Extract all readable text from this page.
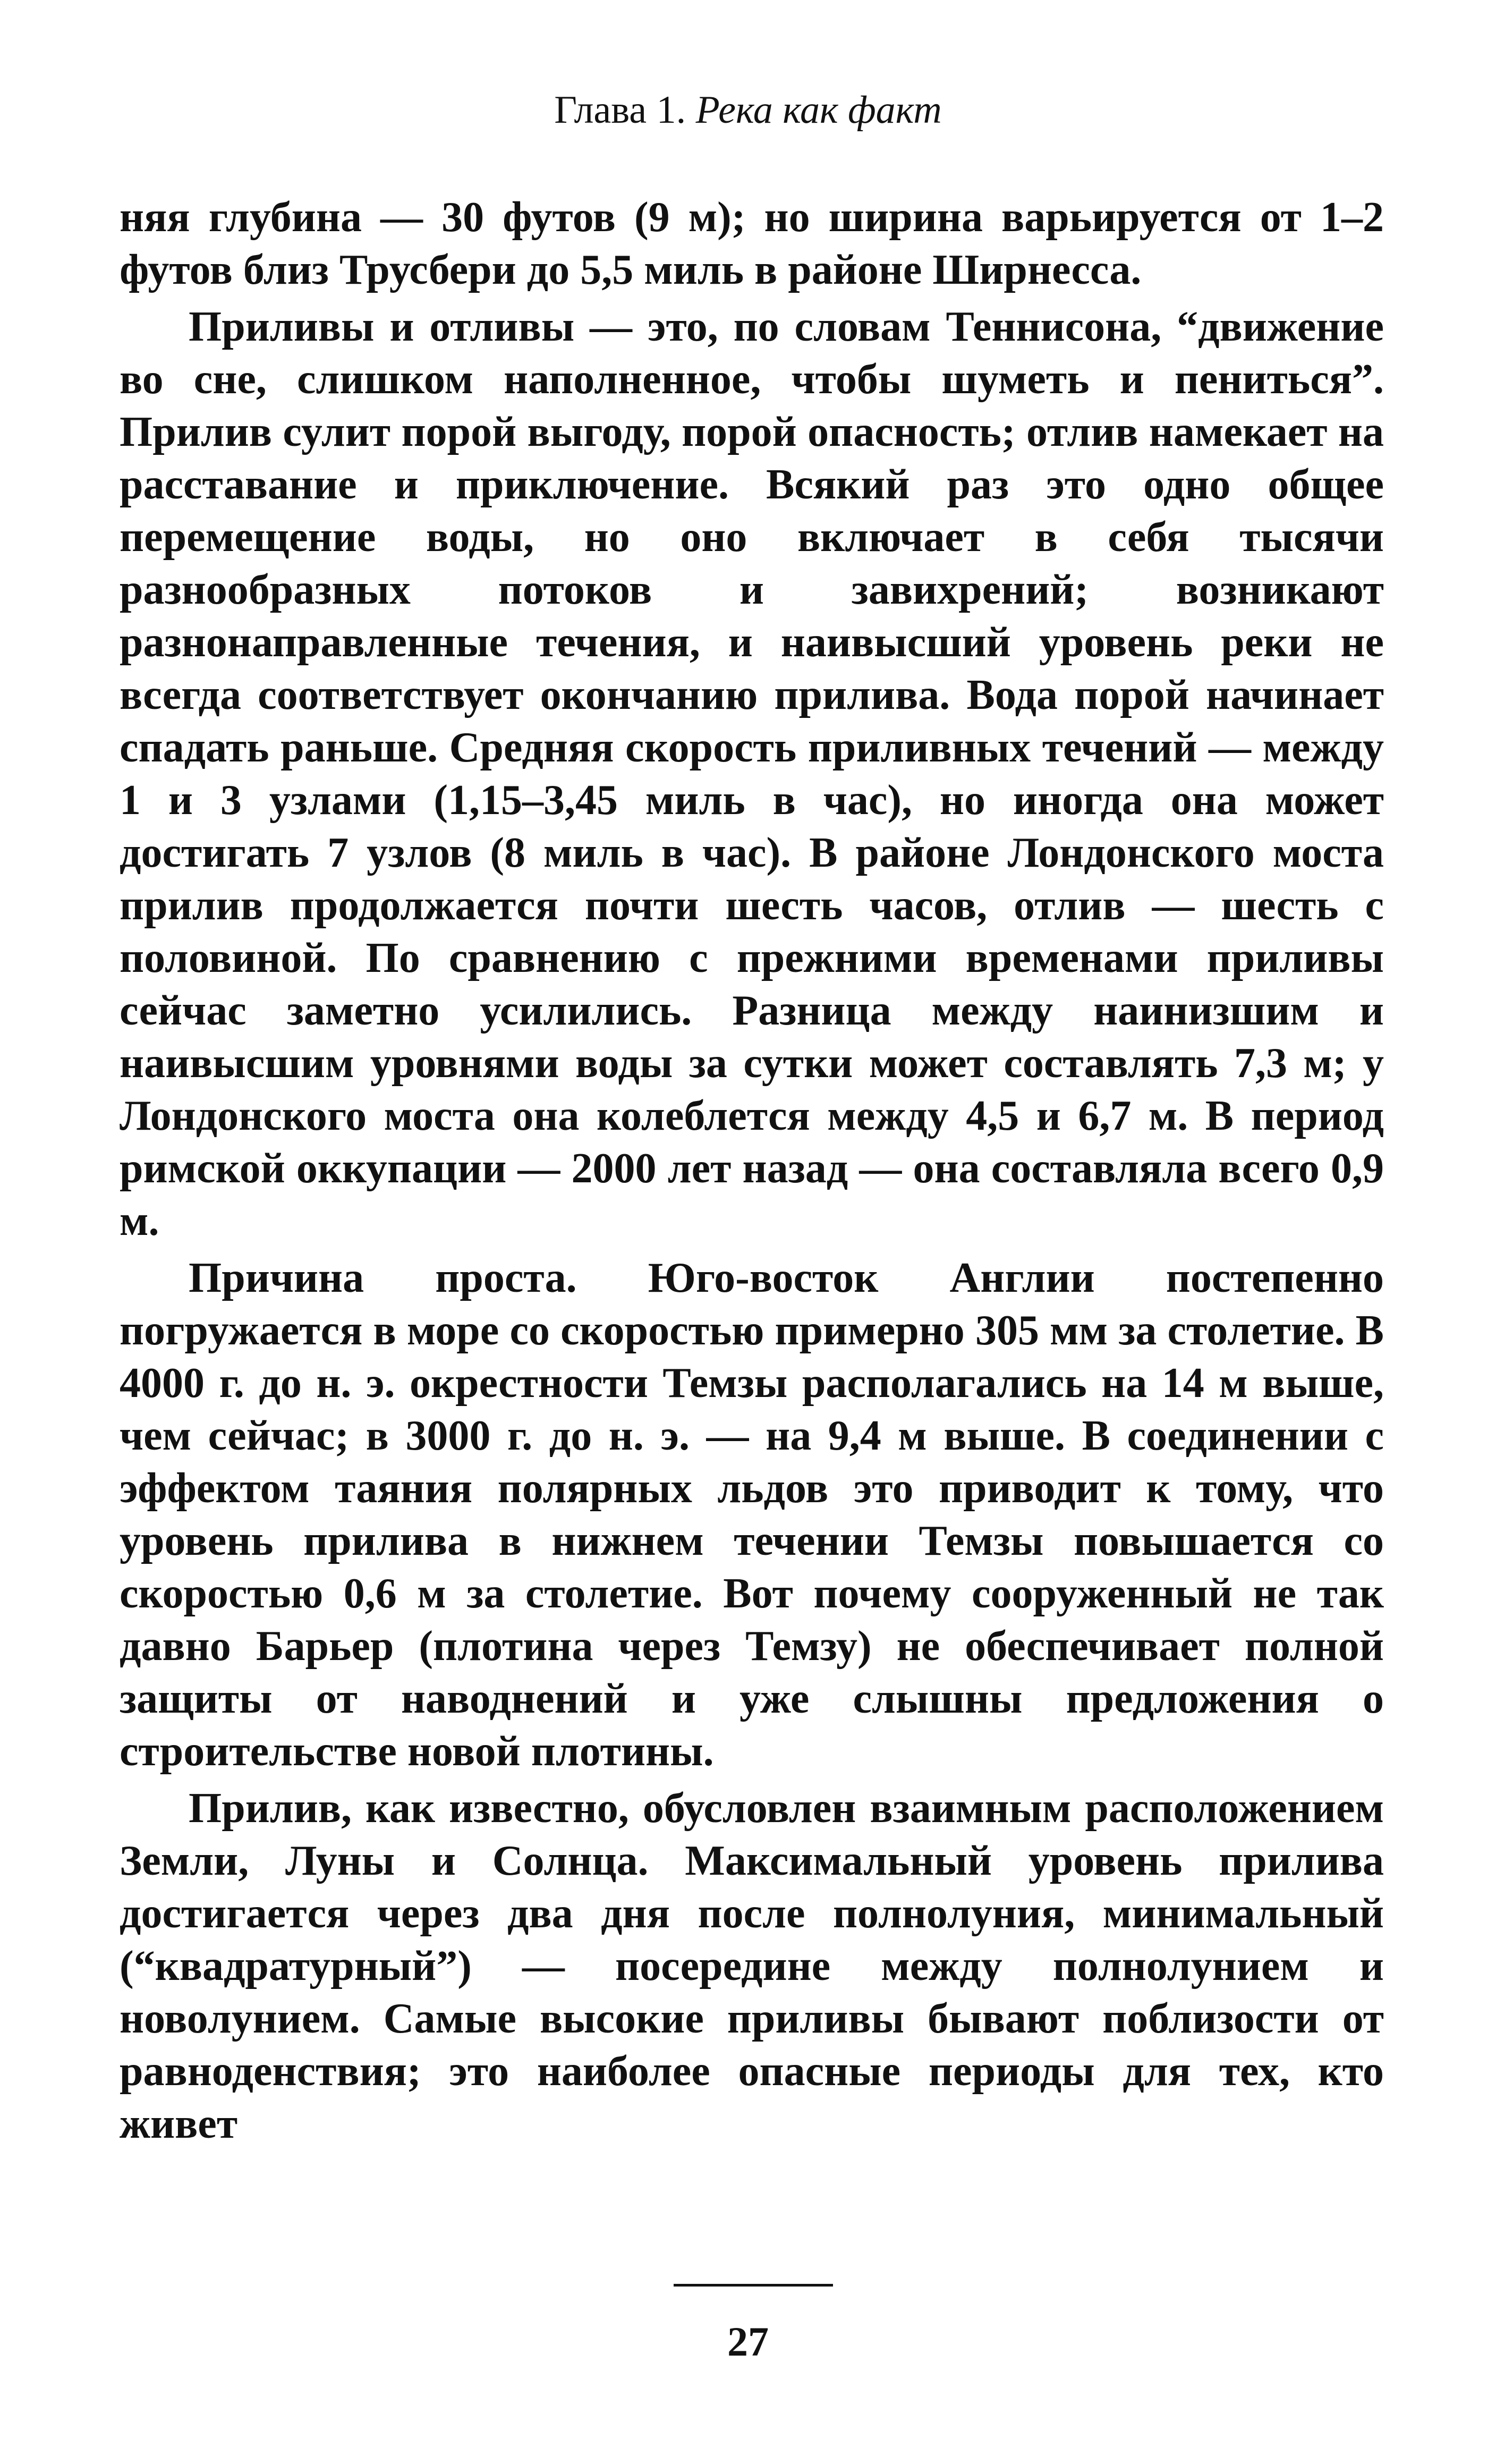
Глава 1. Река как факт

няя глубина — 30 футов (9 м); но ширина варьируется от 1–2 футов близ Трусбери до 5,5 миль в районе Ширнесса.

Приливы и отливы — это, по словам Теннисона, “движение во сне, слишком наполненное, чтобы шуметь и пениться”. Прилив сулит порой выгоду, порой опасность; отлив намекает на расставание и приключение. Всякий раз это одно общее перемещение воды, но оно включает в себя тысячи разнообразных потоков и завихрений; возникают разнонаправленные течения, и наивысший уровень реки не всегда соответствует окончанию прилива. Вода порой начинает спадать раньше. Средняя скорость приливных течений — между 1 и 3 узлами (1,15–3,45 миль в час), но иногда она может достигать 7 узлов (8 миль в час). В районе Лондонского моста прилив продолжается почти шесть часов, отлив — шесть с половиной. По сравнению с прежними временами приливы сейчас заметно усилились. Разница между наинизшим и наивысшим уровнями воды за сутки может составлять 7,3 м; у Лондонского моста она колеблется между 4,5 и 6,7 м. В период римской оккупации — 2000 лет назад — она составляла всего 0,9 м.

Причина проста. Юго-восток Англии постепенно погружается в море со скоростью примерно 305 мм за столетие. В 4000 г. до н. э. окрестности Темзы располагались на 14 м выше, чем сейчас; в 3000 г. до н. э. — на 9,4 м выше. В соединении с эффектом таяния полярных льдов это приводит к тому, что уровень прилива в нижнем течении Темзы повышается со скоростью 0,6 м за столетие. Вот почему сооруженный не так давно Барьер (плотина через Темзу) не обеспечивает полной защиты от наводнений и уже слышны предложения о строительстве новой плотины.

Прилив, как известно, обусловлен взаимным расположением Земли, Луны и Солнца. Максимальный уровень прилива достигается через два дня после полнолуния, минимальный (“квадратурный”) — посередине между полнолунием и новолунием. Самые высокие приливы бывают поблизости от равноденствия; это наиболее опасные периоды для тех, кто живет

27
